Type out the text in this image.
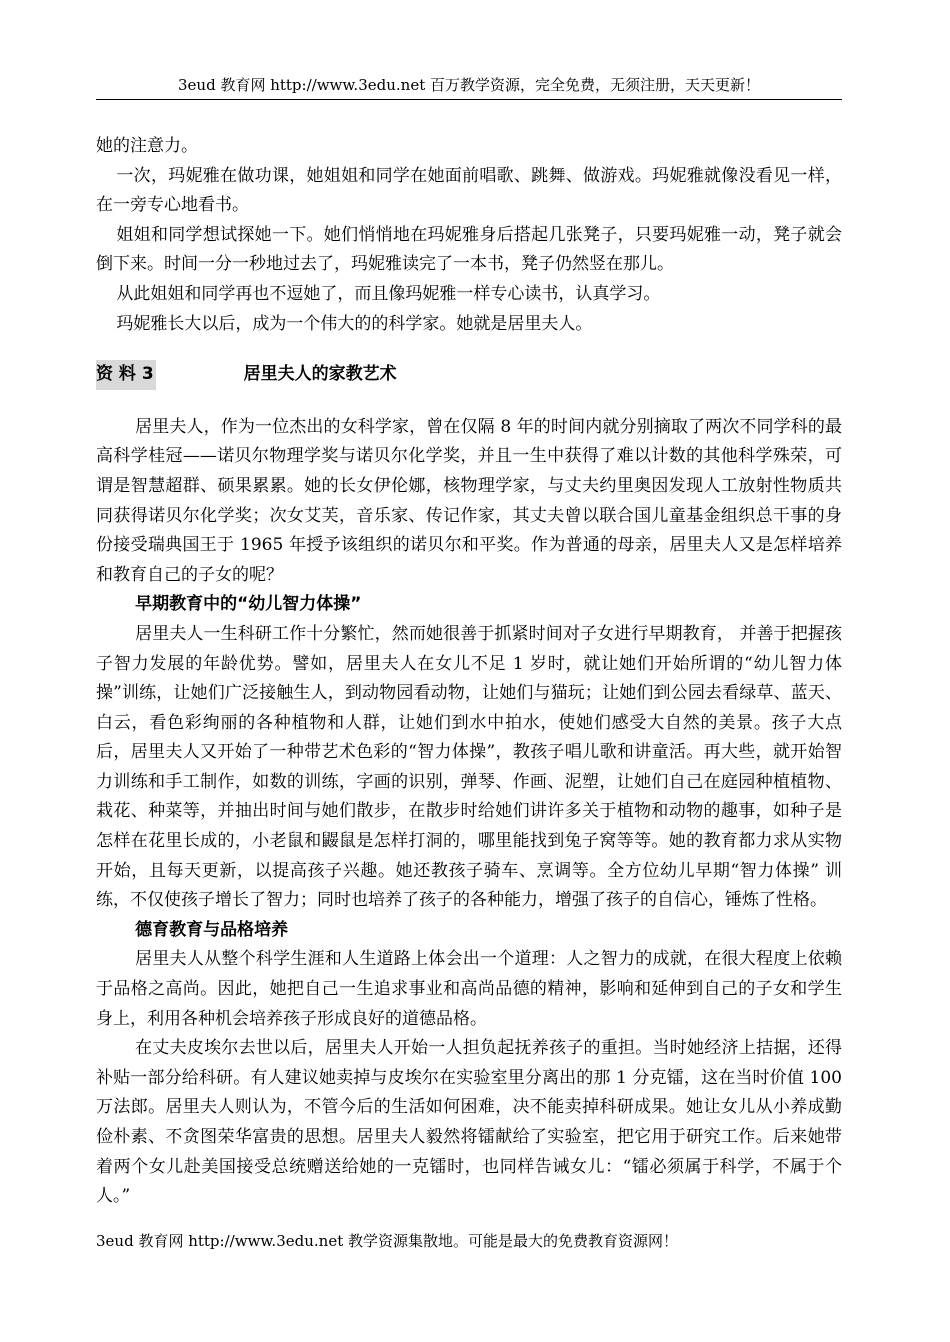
3eud 教育网 http://www.3edu.net 百万教学资源，完全免费，无须注册，天天更新！

她的注意力。

一次，玛妮雅在做功课，她姐姐和同学在她面前唱歌、跳舞、做游戏。玛妮雅就像没看见一样，在一旁专心地看书。

姐姐和同学想试探她一下。她们悄悄地在玛妮雅身后搭起几张凳子，只要玛妮雅一动，凳子就会倒下来。时间一分一秒地过去了，玛妮雅读完了一本书，凳子仍然竖在那儿。

从此姐姐和同学再也不逗她了，而且像玛妮雅一样专心读书，认真学习。

玛妮雅长大以后，成为一个伟大的的科学家。她就是居里夫人。

资 料 3	居里夫人的家教艺术

居里夫人，作为一位杰出的女科学家，曾在仅隔 8 年的时间内就分别摘取了两次不同学科的最高科学桂冠——诺贝尔物理学奖与诺贝尔化学奖，并且一生中获得了难以计数的其他科学殊荣，可谓是智慧超群、硕果累累。她的长女伊伦娜，核物理学家，与丈夫约里奥因发现人工放射性物质共同获得诺贝尔化学奖；次女艾芙，音乐家、传记作家，其丈夫曾以联合国儿童基金组织总干事的身份接受瑞典国王于 1965 年授予该组织的诺贝尔和平奖。作为普通的母亲，居里夫人又是怎样培养和教育自己的子女的呢？

早期教育中的“幼儿智力体操”

居里夫人一生科研工作十分繁忙，然而她很善于抓紧时间对子女进行早期教育， 并善于把握孩子智力发展的年龄优势。譬如，居里夫人在女儿不足 1 岁时，就让她们开始所谓的“幼儿智力体操”训练，让她们广泛接触生人，到动物园看动物，让她们与猫玩；让她们到公园去看绿草、蓝天、白云，看色彩绚丽的各种植物和人群，让她们到水中拍水，使她们感受大自然的美景。孩子大点后，居里夫人又开始了一种带艺术色彩的“智力体操”，教孩子唱儿歌和讲童活。再大些，就开始智力训练和手工制作，如数的训练，字画的识别，弹琴、作画、泥塑，让她们自己在庭园种植植物、栽花、种菜等，并抽出时间与她们散步，在散步时给她们讲许多关于植物和动物的趣事，如种子是怎样在花里长成的，小老鼠和鼹鼠是怎样打洞的，哪里能找到兔子窝等等。她的教育都力求从实物开始，且每天更新，以提高孩子兴趣。她还教孩子骑车、烹调等。全方位幼儿早期“智力体操” 训练，不仅使孩子增长了智力；同时也培养了孩子的各种能力，增强了孩子的自信心，锤炼了性格。

德育教育与品格培养

居里夫人从整个科学生涯和人生道路上体会出一个道理：人之智力的成就，在很大程度上依赖于品格之高尚。因此，她把自己一生追求事业和高尚品德的精神，影响和延伸到自己的子女和学生身上，利用各种机会培养孩子形成良好的道德品格。

在丈夫皮埃尔去世以后，居里夫人开始一人担负起抚养孩子的重担。当时她经济上拮据，还得补贴一部分给科研。有人建议她卖掉与皮埃尔在实验室里分离出的那 1 分克镭，这在当时价值 100 万法郎。居里夫人则认为，不管今后的生活如何困难，决不能卖掉科研成果。她让女儿从小养成勤俭朴素、不贪图荣华富贵的思想。居里夫人毅然将镭献给了实验室，把它用于研究工作。后来她带着两个女儿赴美国接受总统赠送给她的一克镭时，也同样告诫女儿：“镭必须属于科学，不属于个人。”

3eud 教育网 http://www.3edu.net 教学资源集散地。可能是最大的免费教育资源网！
